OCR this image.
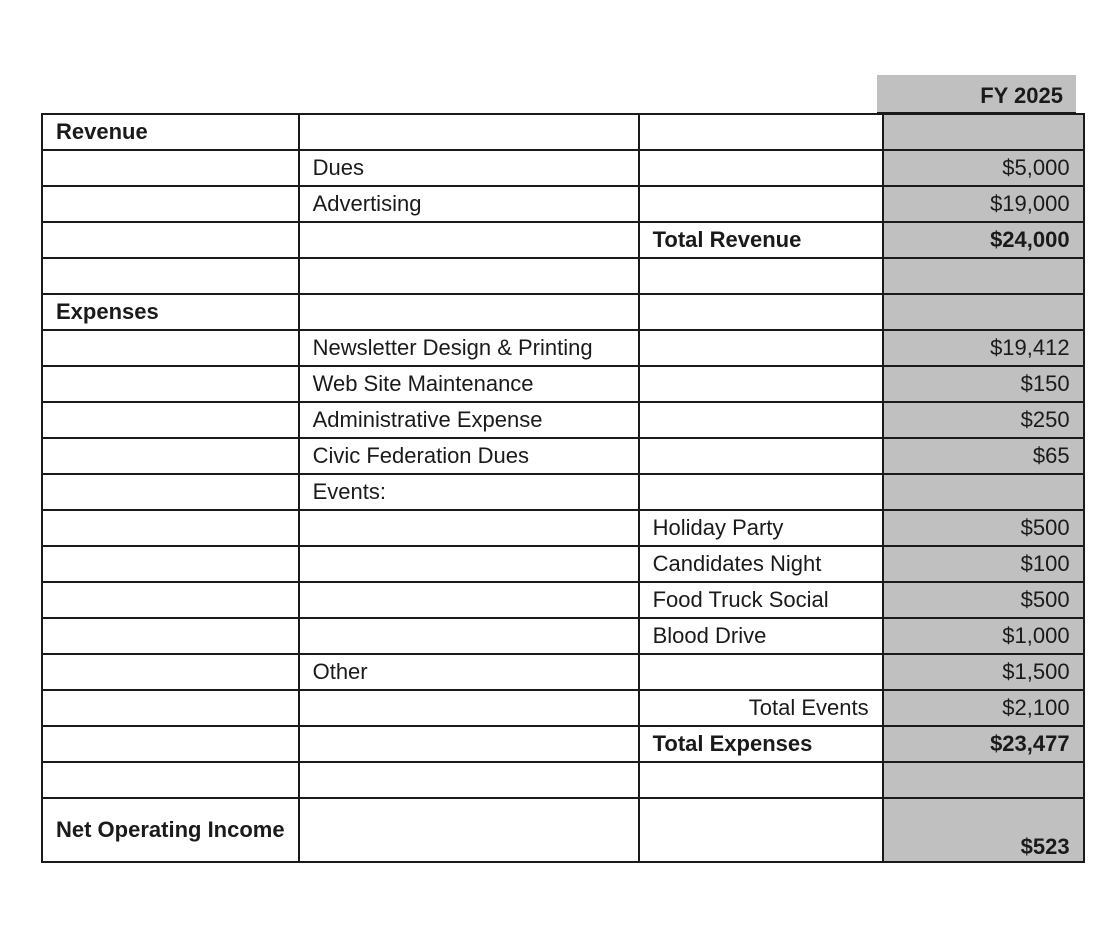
FY 2025
Revenue			
	Dues		$5,000
	Advertising		$19,000
		Total Revenue	$24,000

Expenses			
	Newsletter Design & Printing		$19,412
	Web Site Maintenance		$150
	Administrative Expense		$250
	Civic Federation Dues		$65
	Events:		
		Holiday Party	$500
		Candidates Night	$100
		Food Truck Social	$500
		Blood Drive	$1,000
	Other		$1,500
		Total Events	$2,100
		Total Expenses	$23,477

Net Operating Income			$523
